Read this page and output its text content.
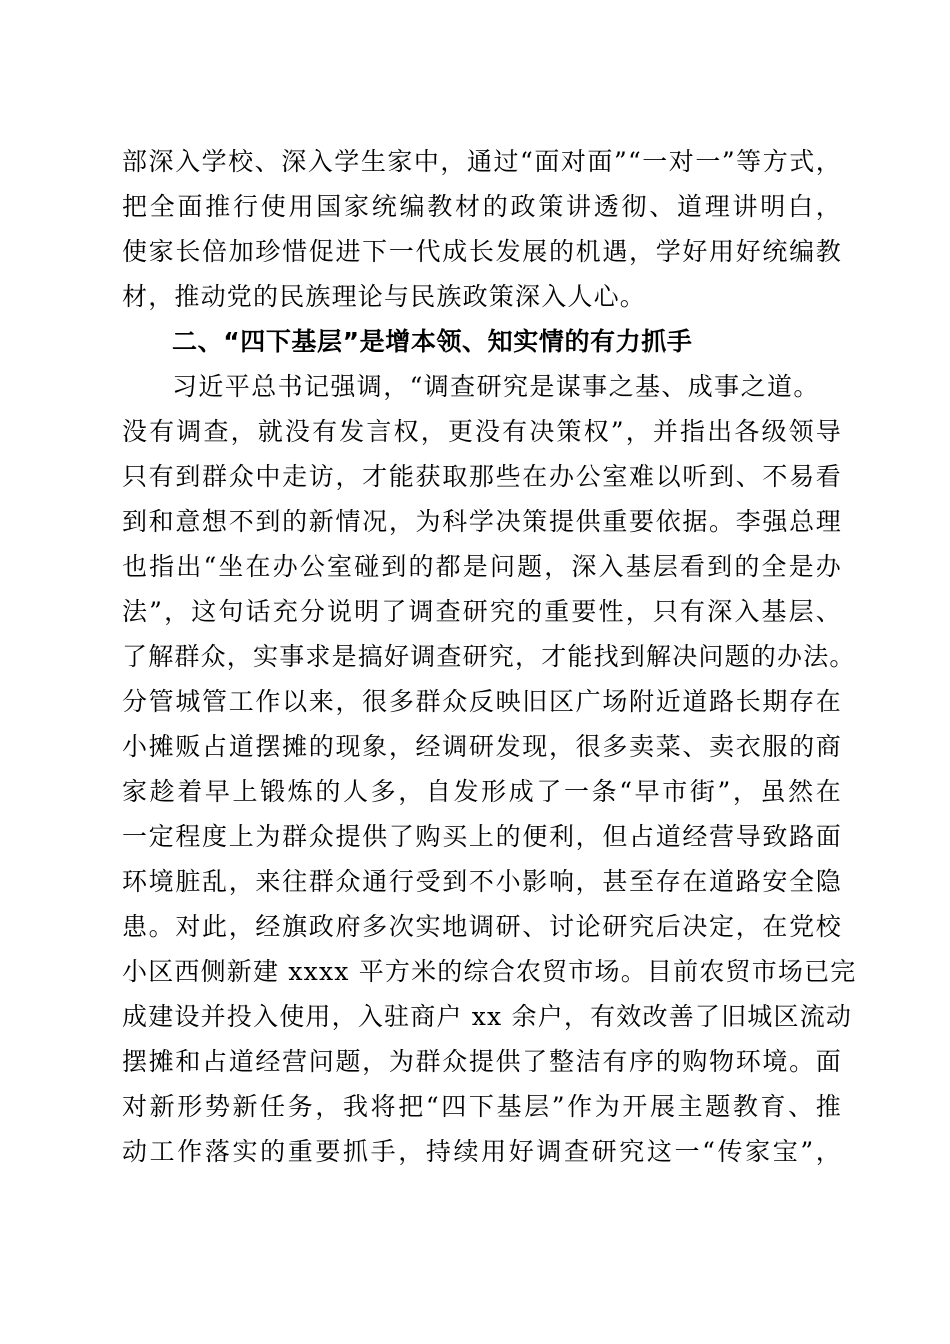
部深入学校、深入学生家中，通过“面对面”“一对一”等方式，
把全面推行使用国家统编教材的政策讲透彻、道理讲明白，
使家长倍加珍惜促进下一代成长发展的机遇，学好用好统编教
材，推动党的民族理论与民族政策深入人心。
二、“四下基层”是增本领、知实情的有力抓手
习近平总书记强调，“调查研究是谋事之基、成事之道。
没有调查，就没有发言权，更没有决策权”，并指出各级领导
只有到群众中走访，才能获取那些在办公室难以听到、不易看
到和意想不到的新情况，为科学决策提供重要依据。李强总理
也指出“坐在办公室碰到的都是问题，深入基层看到的全是办
法”，这句话充分说明了调查研究的重要性，只有深入基层、
了解群众，实事求是搞好调查研究，才能找到解决问题的办法。
分管城管工作以来，很多群众反映旧区广场附近道路长期存在
小摊贩占道摆摊的现象，经调研发现，很多卖菜、卖衣服的商
家趁着早上锻炼的人多，自发形成了一条“早市街”，虽然在
一定程度上为群众提供了购买上的便利，但占道经营导致路面
环境脏乱，来往群众通行受到不小影响，甚至存在道路安全隐
患。对此，经旗政府多次实地调研、讨论研究后决定，在党校
小区西侧新建 xxxx 平方米的综合农贸市场。目前农贸市场已完
成建设并投入使用，入驻商户 xx 余户，有效改善了旧城区流动
摆摊和占道经营问题，为群众提供了整洁有序的购物环境。面
对新形势新任务，我将把“四下基层”作为开展主题教育、推
动工作落实的重要抓手，持续用好调查研究这一“传家宝”，
